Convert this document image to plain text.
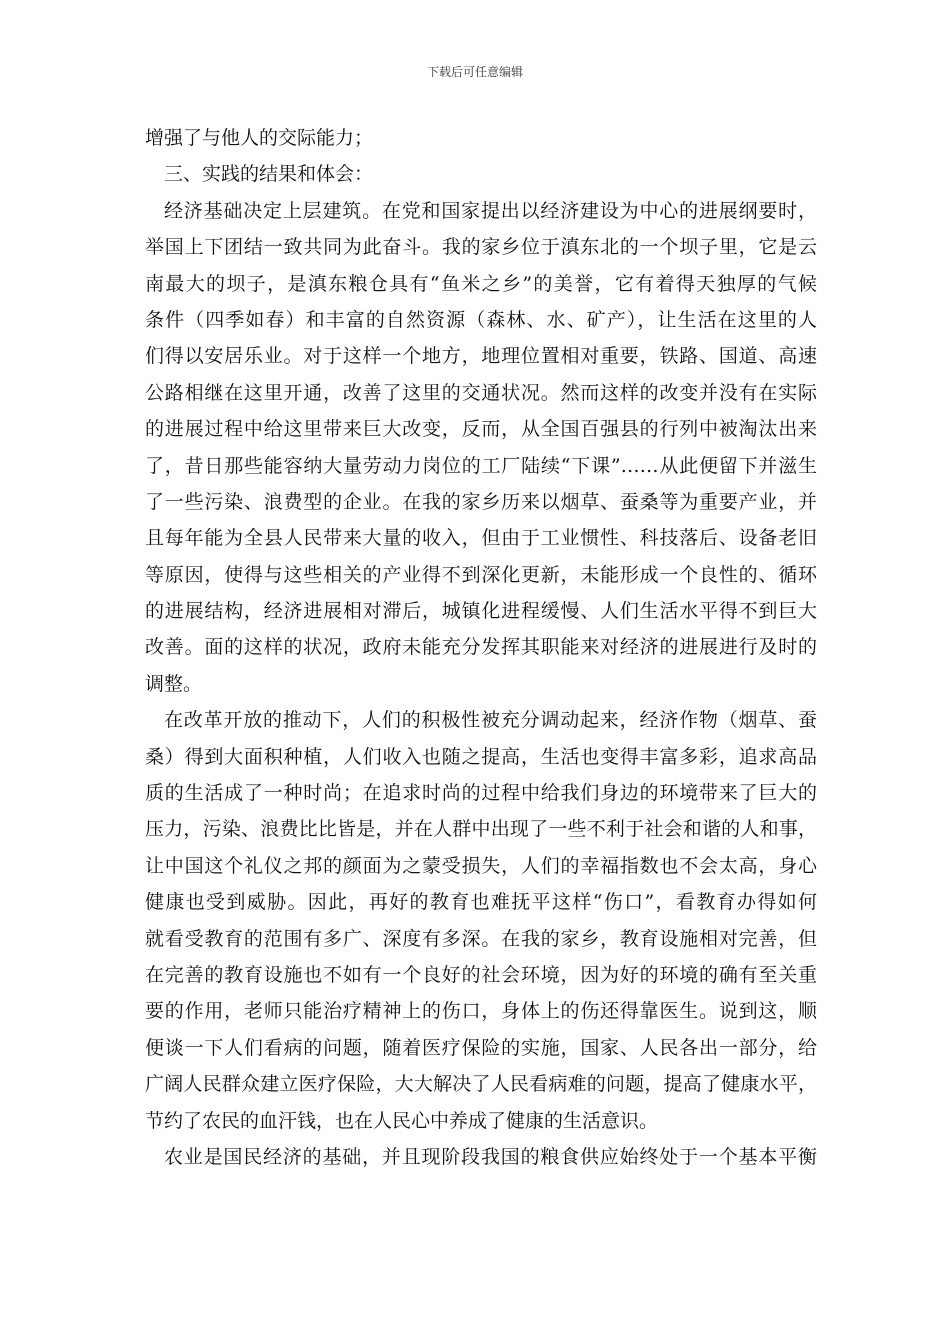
下载后可任意编辑
增强了与他人的交际能力；
三、实践的结果和体会：
经济基础决定上层建筑。在党和国家提出以经济建设为中心的进展纲要时，
举国上下团结一致共同为此奋斗。我的家乡位于滇东北的一个坝子里，它是云
南最大的坝子，是滇东粮仓具有“鱼米之乡”的美誉，它有着得天独厚的气候
条件（四季如春）和丰富的自然资源（森林、水、矿产），让生活在这里的人
们得以安居乐业。对于这样一个地方，地理位置相对重要，铁路、国道、高速
公路相继在这里开通，改善了这里的交通状况。然而这样的改变并没有在实际
的进展过程中给这里带来巨大改变，反而，从全国百强县的行列中被淘汰出来
了，昔日那些能容纳大量劳动力岗位的工厂陆续“下课”……从此便留下并滋生
了一些污染、浪费型的企业。在我的家乡历来以烟草、蚕桑等为重要产业，并
且每年能为全县人民带来大量的收入，但由于工业惯性、科技落后、设备老旧
等原因，使得与这些相关的产业得不到深化更新，未能形成一个良性的、循环
的进展结构，经济进展相对滞后，城镇化进程缓慢、人们生活水平得不到巨大
改善。面的这样的状况，政府未能充分发挥其职能来对经济的进展进行及时的
调整。
在改革开放的推动下，人们的积极性被充分调动起来，经济作物（烟草、蚕
桑）得到大面积种植，人们收入也随之提高，生活也变得丰富多彩，追求高品
质的生活成了一种时尚；在追求时尚的过程中给我们身边的环境带来了巨大的
压力，污染、浪费比比皆是，并在人群中出现了一些不利于社会和谐的人和事，
让中国这个礼仪之邦的颜面为之蒙受损失，人们的幸福指数也不会太高，身心
健康也受到威胁。因此，再好的教育也难抚平这样“伤口”，看教育办得如何
就看受教育的范围有多广、深度有多深。在我的家乡，教育设施相对完善，但
在完善的教育设施也不如有一个良好的社会环境，因为好的环境的确有至关重
要的作用，老师只能治疗精神上的伤口，身体上的伤还得靠医生。说到这，顺
便谈一下人们看病的问题，随着医疗保险的实施，国家、人民各出一部分，给
广阔人民群众建立医疗保险，大大解决了人民看病难的问题，提高了健康水平，
节约了农民的血汗钱，也在人民心中养成了健康的生活意识。
农业是国民经济的基础，并且现阶段我国的粮食供应始终处于一个基本平衡
